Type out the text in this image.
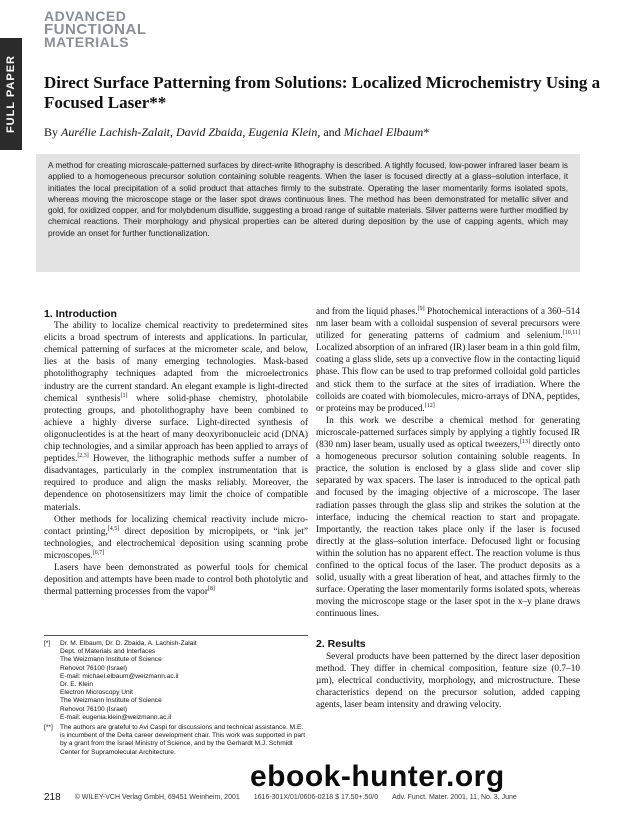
ADVANCED
FUNCTIONAL
MATERIALS
FULL PAPER Direct Surface Patterning from Solutions: Localized Microchemistry Using a Focused Laser**
By Aurélie Lachish-Zalait, David Zbaida, Eugenia Klein, and Michael Elbaum*
A method for creating microscale-patterned surfaces by direct-write lithography is described. A tightly focused, low-power infrared laser beam is applied to a homogeneous precursor solution containing soluble reagents. When the laser is focused directly at a glass–solution interface, it initiates the local precipitation of a solid product that attaches firmly to the substrate. Operating the laser momentarily forms isolated spots, whereas moving the microscope stage or the laser spot draws continuous lines. The method has been demonstrated for metallic silver and gold, for oxidized copper, and for molybdenum disulfide, suggesting a broad range of suitable materials. Silver patterns were further modified by chemical reactions. Their morphology and physical properties can be altered during deposition by the use of capping agents, which may provide an onset for further functionalization.

1. Introduction

The ability to localize chemical reactivity to predetermined sites elicits a broad spectrum of interests and applications. In particular, chemical patterning of surfaces at the micrometer scale, and below, lies at the basis of many emerging technologies. Mask-based photolithography techniques adapted from the microelectronics industry are the current standard. An elegant example is light-directed chemical synthesis[1] where solid-phase chemistry, photolabile protecting groups, and photolithography have been combined to achieve a highly diverse surface. Light-directed synthesis of oligonucleotides is at the heart of many deoxyribonucleic acid (DNA) chip technologies, and a similar approach has been applied to arrays of peptides.[2,3] However, the lithographic methods suffer a number of disadvantages, particularly in the complex instrumentation that is required to produce and align the masks reliably. Moreover, the dependence on photosensitizers may limit the choice of compatible materials.

Other methods for localizing chemical reactivity include micro-contact printing,[4,5] direct deposition by micropipets, or “ink jet” technologies, and electrochemical deposition using scanning probe microscopes.[6,7]

Lasers have been demonstrated as powerful tools for chemical deposition and attempts have been made to control both photolytic and thermal patterning processes from the vapor[8]

and from the liquid phases.[9] Photochemical interactions of a 360–514 nm laser beam with a colloidal suspension of several precursors were utilized for generating patterns of cadmium and selenium.[10,11] Localized absorption of an infrared (IR) laser beam in a thin gold film, coating a glass slide, sets up a convective flow in the contacting liquid phase. This flow can be used to trap preformed colloidal gold particles and stick them to the surface at the sites of irradiation. Where the colloids are coated with biomolecules, micro-arrays of DNA, peptides, or proteins may be produced.[12]

In this work we describe a chemical method for generating microscale-patterned surfaces simply by applying a tightly focused IR (830 nm) laser beam, usually used as optical tweezers,[13] directly onto a homogeneous precursor solution containing soluble reagents. In practice, the solution is enclosed by a glass slide and cover slip separated by wax spacers. The laser is introduced to the optical path and focused by the imaging objective of a microscope. The laser radiation passes through the glass slip and strikes the solution at the interface, inducing the chemical reaction to start and propagate. Importantly, the reaction takes place only if the laser is focused directly at the glass–solution interface. Defocused light or focusing within the solution has no apparent effect. The reaction volume is thus confined to the optical focus of the laser. The product deposits as a solid, usually with a great liberation of heat, and attaches firmly to the surface. Operating the laser momentarily forms isolated spots, whereas moving the microscope stage or the laser spot in the x–y plane draws continuous lines.

2. Results

Several products have been patterned by the direct laser deposition method. They differ in chemical composition, feature size (0.7–10 µm), electrical conductivity, morphology, and microstructure. These characteristics depend on the precursor solution, added capping agents, laser beam intensity and drawing velocity.

[*]	Dr. M. Elbaum, Dr. D. Zbaida, A. Lachish-Zalait
Dept. of Materials and Interfaces
The Weizmann Institute of Science
Rehovot 76100 (Israel)
E-mail: michael.elbaum@weizmann.ac.il
Dr. E. Klein
Electron Microscopy Unit
The Weizmann Institute of Science
Rehovot 76100 (Israel)
E-mail: eugenia.klein@weizmann.ac.il
[**]	The authors are grateful to Avi Caspi for discussions and technical assistance. M.E. is incumbent of the Delta career development chair. This work was supported in part by a grant from the Israel Ministry of Science, and by the Gerhardt M.J. Schmidt Center for Supramolecular Architecture.
ebook-hunter.org
218 © WILEY-VCH Verlag GmbH, 69451 Weinheim, 2001 1616-301X/01/0606-0218 $ 17.50+.50/0 Adv. Funct. Mater. 2001, 11, No. 3, June
